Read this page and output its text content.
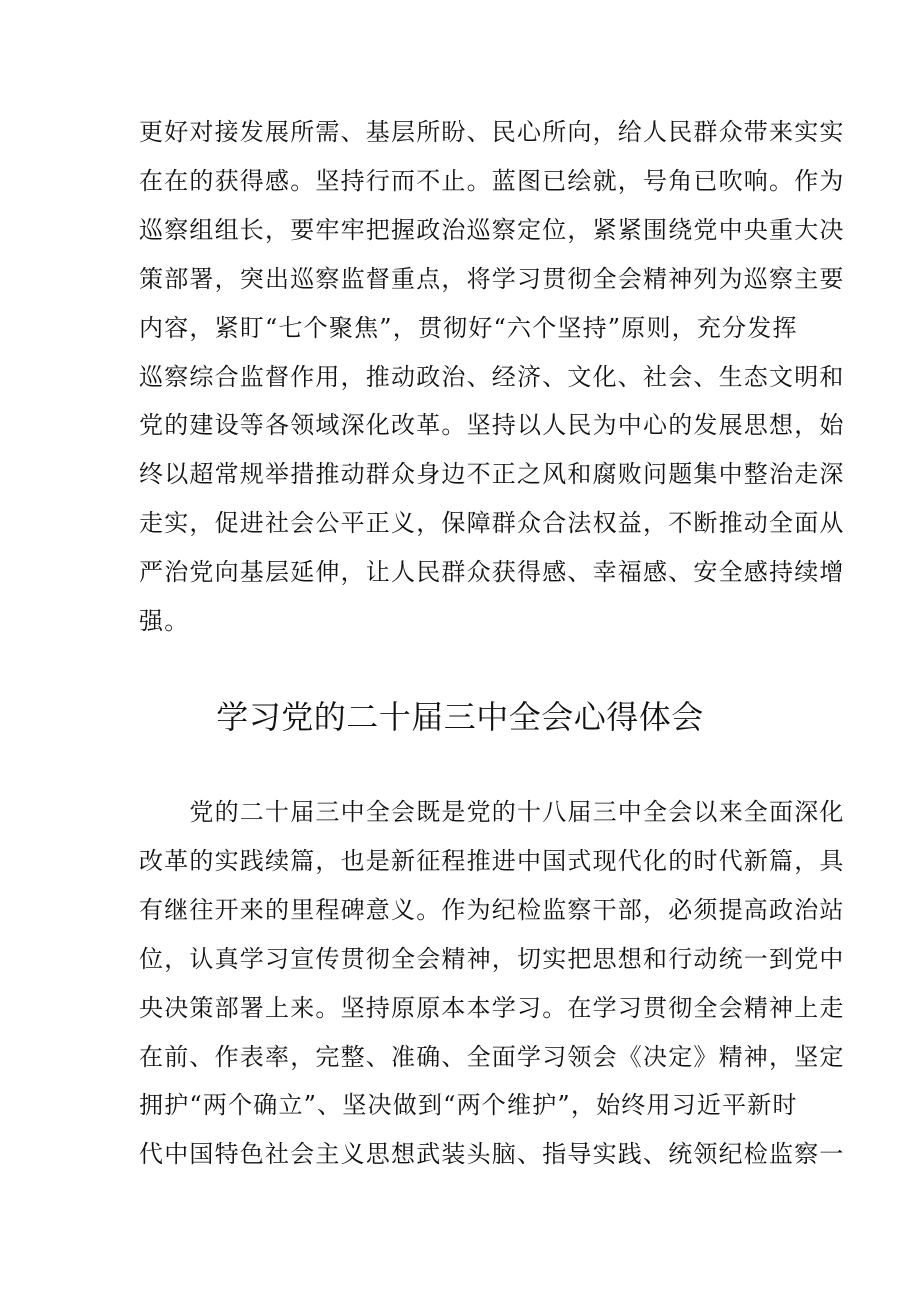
更好对接发展所需、基层所盼、民心所向，给人民群众带来实实
在在的获得感。坚持行而不止。蓝图已绘就，号角已吹响。作为
巡察组组长，要牢牢把握政治巡察定位，紧紧围绕党中央重大决
策部署，突出巡察监督重点，将学习贯彻全会精神列为巡察主要
内容，紧盯“七个聚焦”，贯彻好“六个坚持”原则，充分发挥
巡察综合监督作用，推动政治、经济、文化、社会、生态文明和
党的建设等各领域深化改革。坚持以人民为中心的发展思想，始
终以超常规举措推动群众身边不正之风和腐败问题集中整治走深
走实，促进社会公平正义，保障群众合法权益，不断推动全面从
严治党向基层延伸，让人民群众获得感、幸福感、安全感持续增
强。
学习党的二十届三中全会心得体会
　　党的二十届三中全会既是党的十八届三中全会以来全面深化
改革的实践续篇，也是新征程推进中国式现代化的时代新篇，具
有继往开来的里程碑意义。作为纪检监察干部，必须提高政治站
位，认真学习宣传贯彻全会精神，切实把思想和行动统一到党中
央决策部署上来。坚持原原本本学习。在学习贯彻全会精神上走
在前、作表率，完整、准确、全面学习领会《决定》精神，坚定
拥护“两个确立”、坚决做到“两个维护”，始终用习近平新时
代中国特色社会主义思想武装头脑、指导实践、统领纪检监察一
